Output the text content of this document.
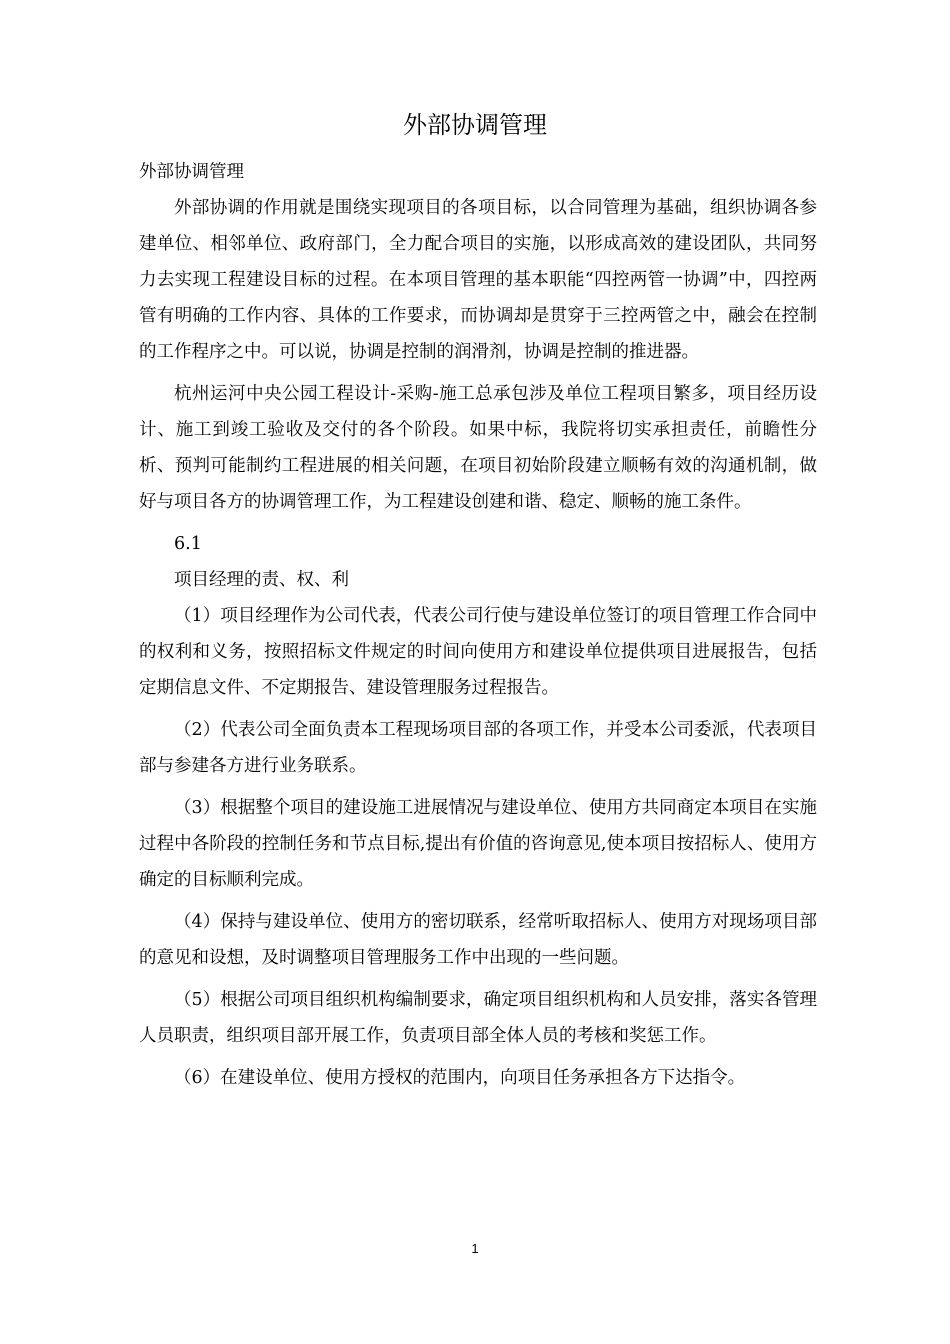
外部协调管理

外部协调管理

外部协调的作用就是围绕实现项目的各项目标，以合同管理为基础，组织协调各参建单位、相邻单位、政府部门，全力配合项目的实施，以形成高效的建设团队，共同努力去实现工程建设目标的过程。在本项目管理的基本职能“四控两管一协调”中，四控两管有明确的工作内容、具体的工作要求，而协调却是贯穿于三控两管之中，融会在控制的工作程序之中。可以说，协调是控制的润滑剂，协调是控制的推进器。

杭州运河中央公园工程设计-采购-施工总承包涉及单位工程项目繁多，项目经历设计、施工到竣工验收及交付的各个阶段。如果中标，我院将切实承担责任，前瞻性分析、预判可能制约工程进展的相关问题，在项目初始阶段建立顺畅有效的沟通机制，做好与项目各方的协调管理工作，为工程建设创建和谐、稳定、顺畅的施工条件。

6.1

项目经理的责、权、利

（1）项目经理作为公司代表，代表公司行使与建设单位签订的项目管理工作合同中的权利和义务，按照招标文件规定的时间向使用方和建设单位提供项目进展报告，包括定期信息文件、不定期报告、建设管理服务过程报告。

（2）代表公司全面负责本工程现场项目部的各项工作，并受本公司委派，代表项目部与参建各方进行业务联系。

（3）根据整个项目的建设施工进展情况与建设单位、使用方共同商定本项目在实施过程中各阶段的控制任务和节点目标,提出有价值的咨询意见,使本项目按招标人、使用方确定的目标顺利完成。

（4）保持与建设单位、使用方的密切联系，经常听取招标人、使用方对现场项目部的意见和设想，及时调整项目管理服务工作中出现的一些问题。

（5）根据公司项目组织机构编制要求，确定项目组织机构和人员安排，落实各管理人员职责，组织项目部开展工作，负责项目部全体人员的考核和奖惩工作。

（6）在建设单位、使用方授权的范围内，向项目任务承担各方下达指令。

1
